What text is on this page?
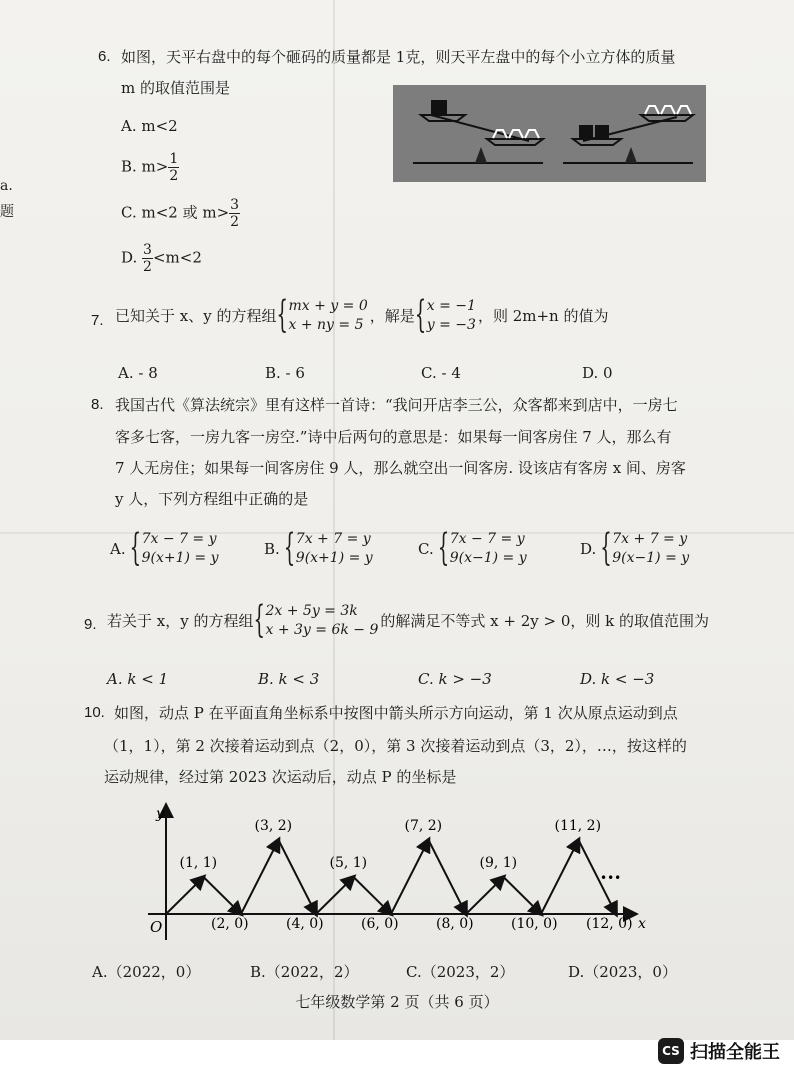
а.
题
6. 如图，天平右盘中的每个砸码的质量都是 1克，则天平左盘中的每个小立方体的质量
m 的取值范围是
A. m<2
B. $m> \frac{1}{2}$
C. m<2 或 $m> \frac{3}{2}$
D. $\frac{3}{2} <m<2$
7. 已知关于 x、y 的方程组
{ mx + y = 0
x + ny = 5 ，解是
{ x = −1
y = −3 ，则 2m+n 的值为
A. - 8	B. - 6	C. - 4	D. 0
8. 我国古代《算法统宗》里有这样一首诗：“我问开店李三公，众客都来到店中，一房七
客多七客，一房九客一房空.”诗中后两句的意思是：如果每一间客房住 7 人，那么有
7 人无房住；如果每一间客房住 9 人，那么就空出一间客房. 设该店有客房 x 间、房客
y 人，下列方程组中正确的是
A.
{ 7x − 7 = y
9(x+1) = y	B.
{ 7x + 7 = y
9(x+1) = y	C.
{ 7x − 7 = y
9(x−1) = y	D.
{ 7x + 7 = y
9(x−1) = y
9. 若关于 x，y 的方程组
{ 2x + 5y = 3k
x + 3y = 6k − 9 的解满足不等式 x + 2y > 0，则 k 的取值范围为
A. k < 1	B. k < 3	C. k > −3	D. k < −3
10. 如图，动点 P 在平面直角坐标系中按图中箭头所示方向运动，第 1 次从原点运动到点
（1，1），第 2 次接着运动到点（2，0），第 3 次接着运动到点（3，2），…，按这样的
运动规律，经过第 2023 次运动后，动点 P 的坐标是
y
x
O
•••
(1, 1)
(3, 2)
(5, 1)
(7, 2)
(9, 1)
(11, 2)
(2, 0)	(4, 0)	(6, 0)	(8, 0)	(10, 0) (12, 0)
A.（2022，0）	B.（2022，2）	C.（2023，2）	D.（2023，0）
七年级数学第 2 页（共 6 页）
CS 扫描全能王
